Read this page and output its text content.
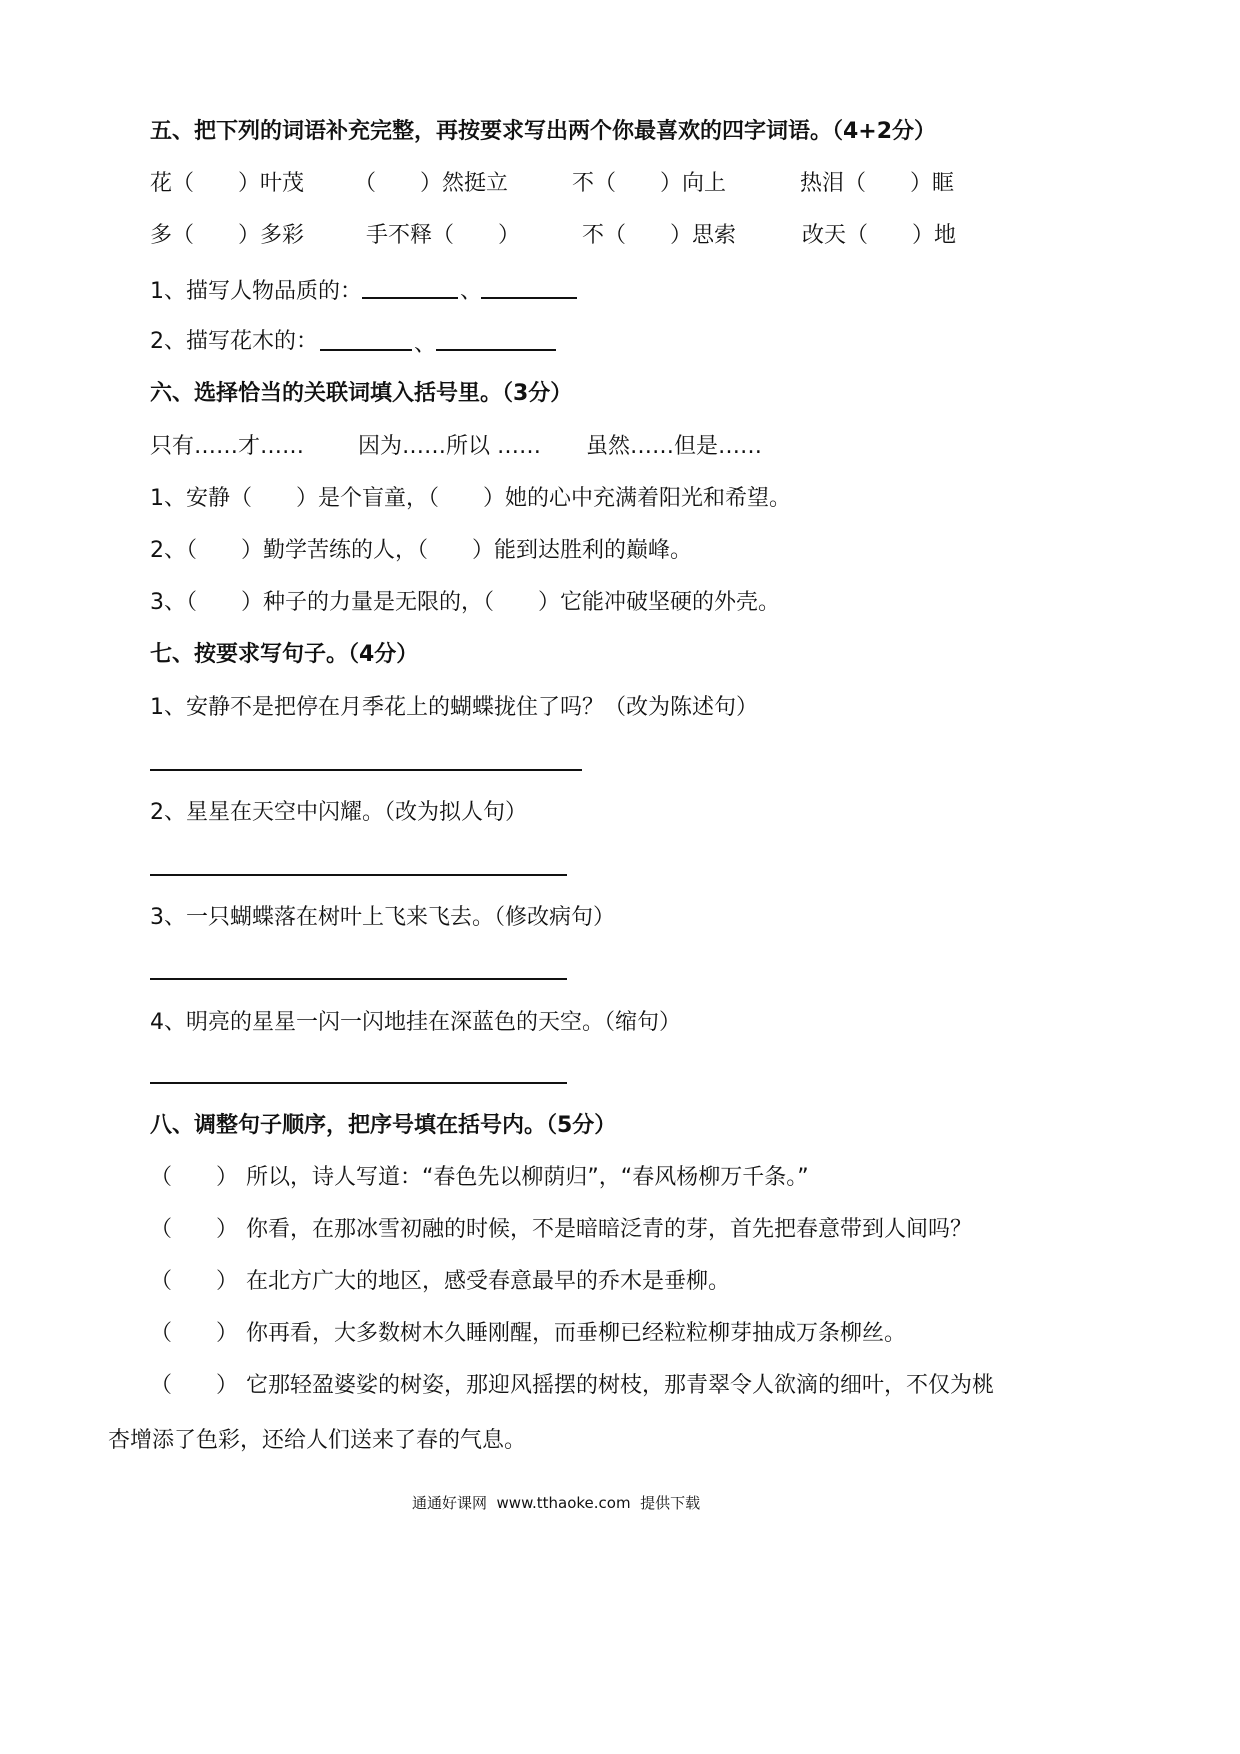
五、把下列的词语补充完整，再按要求写出两个你最喜欢的四字词语。（4+2分）
花（　　）叶茂 （　　）然挺立	不（　　）向上	热泪（　　）眶
多（　　）多彩	手不释（　　）	不（　　）思索	改天（　　）地
1、描写人物品质的：	、
2、描写花木的：	、
六、选择恰当的关联词填入括号里。（3分）
只有……才…… 因为……所以 …… 虽然……但是……
1、安静（　　）是个盲童，（　　）她的心中充满着阳光和希望。
2、（　　）勤学苦练的人，（　　）能到达胜利的巅峰。
3、（　　）种子的力量是无限的，（　　）它能冲破坚硬的外壳。
七、按要求写句子。（4分）
1、安静不是把停在月季花上的蝴蝶拢住了吗？（改为陈述句）
2、星星在天空中闪耀。（改为拟人句）
3、一只蝴蝶落在树叶上飞来飞去。（修改病句）
4、明亮的星星一闪一闪地挂在深蓝色的天空。（缩句）
八、调整句子顺序，把序号填在括号内。（5分）
（　　） 所以，诗人写道：“春色先以柳荫归”，“春风杨柳万千条。”
（　　） 你看，在那冰雪初融的时候，不是暗暗泛青的芽，首先把春意带到人间吗？
（　　） 在北方广大的地区，感受春意最早的乔木是垂柳。
（　　） 你再看，大多数树木久睡刚醒，而垂柳已经粒粒柳芽抽成万条柳丝。
（　　） 它那轻盈婆娑的树姿，那迎风摇摆的树枝，那青翠令人欲滴的细叶，不仅为桃
杏增添了色彩，还给人们送来了春的气息。
通通好课网  www.tthaoke.com  提供下载
